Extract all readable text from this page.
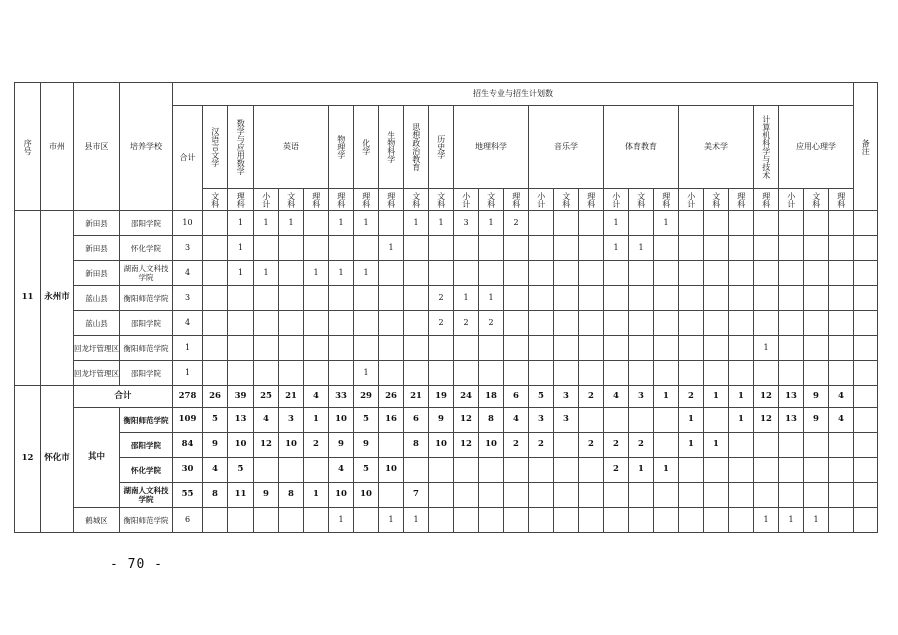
序号	市州	县市区	培养学校	招生专业与招生计划数																											备注
				合计	汉语言文学	数学与应用数学	英语			物理学	化学	生物科学	思想政治教育	历史学	地理科学			音乐学			体育教育			美术学			计算机科学与技术	应用心理学			
					文科	理科	小计	文科	理科	理科	理科	理科	文科	文科	小计	文科	理科	小计	文科	理科	小计	文科	理科	小计	文科	理科	理科	小计	文科	理科	
11	永州市	新田县	邵阳学院	10		1	1	1		1	1		1	1	3	1	2				1		1								
		新田县	怀化学院	3		1						1									1	1									
		新田县	湖南人文科技学院	4		1	1		1	1	1																				
		蓝山县	衡阳师范学院	3										2	1	1															
		蓝山县	邵阳学院	4										2	2	2															
		回龙圩管理区	衡阳师范学院	1																							1				
		回龙圩管理区	邵阳学院	1							1																				
12	怀化市	合计		278	26	39	25	21	4	33	29	26	21	19	24	18	6	5	3	2	4	3	1	2	1	1	12	13	9	4	
		其中	衡阳师范学院	109	5	13	4	3	1	10	5	16	6	9	12	8	4	3	3					1		1	12	13	9	4	
			邵阳学院	84	9	10	12	10	2	9	9		8	10	12	10	2	2		2	2	2		1	1						
			怀化学院	30	4	5				4	5	10									2	1	1								
			湖南人文科技学院	55	8	11	9	8	1	10	10		7																		
		鹤城区	衡阳师范学院	6						1		1	1														1	1	1		
- 70 -
